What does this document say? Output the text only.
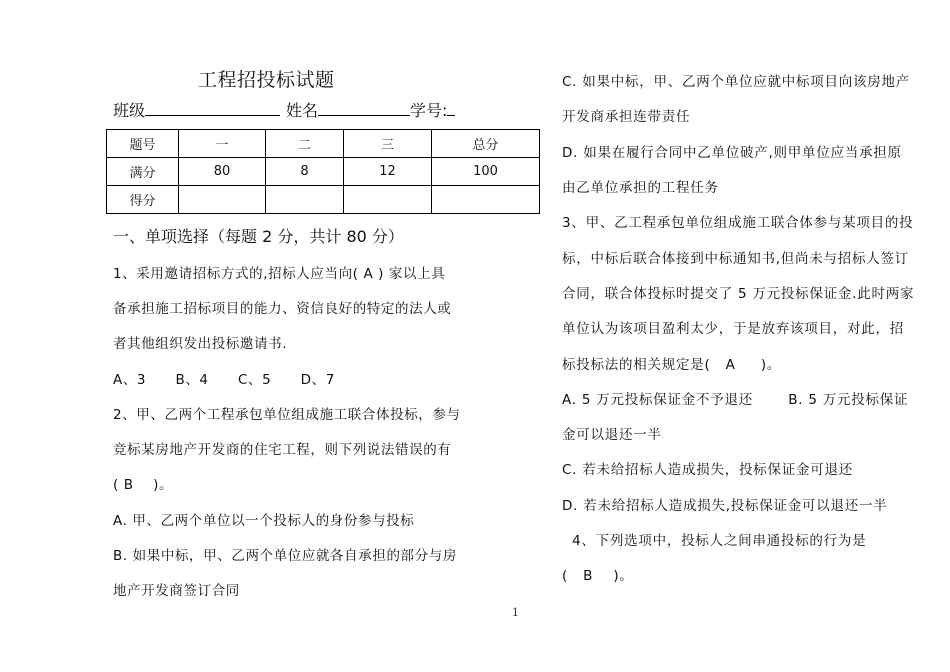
工程招投标试题
班级	姓名	学号:
题号	一	二	三	总分
满分	80	8	12	100
得分				
一、单项选择（每题 2 分，共计 80 分）
1、采用邀请招标方式的,招标人应当向( A ) 家以上具
备承担施工招标项目的能力、资信良好的特定的法人或
者其他组织发出投标邀请书.
A、3      B、4      C、5      D、7
2、甲、乙两个工程承包单位组成施工联合体投标，参与
竞标某房地产开发商的住宅工程，则下列说法错误的有
( B    )。
A. 甲、乙两个单位以一个投标人的身份参与投标
B. 如果中标，甲、乙两个单位应就各自承担的部分与房
地产开发商签订合同
C. 如果中标，甲、乙两个单位应就中标项目向该房地产
开发商承担连带责任
D. 如果在履行合同中乙单位破产,则甲单位应当承担原
由乙单位承担的工程任务
3、甲、乙工程承包单位组成施工联合体参与某项目的投
标，中标后联合体接到中标通知书,但尚未与招标人签订
合同，联合体投标时提交了 5 万元投标保证金.此时两家
单位认为该项目盈利太少，于是放弃该项目，对此，招
标投标法的相关规定是(   A     )。
A. 5 万元投标保证金不予退还       B. 5 万元投标保证
金可以退还一半
C. 若未给招标人造成损失，投标保证金可退还
D. 若未给招标人造成损失,投标保证金可以退还一半
4、下列选项中，投标人之间串通投标的行为是
(   B    )。
1
